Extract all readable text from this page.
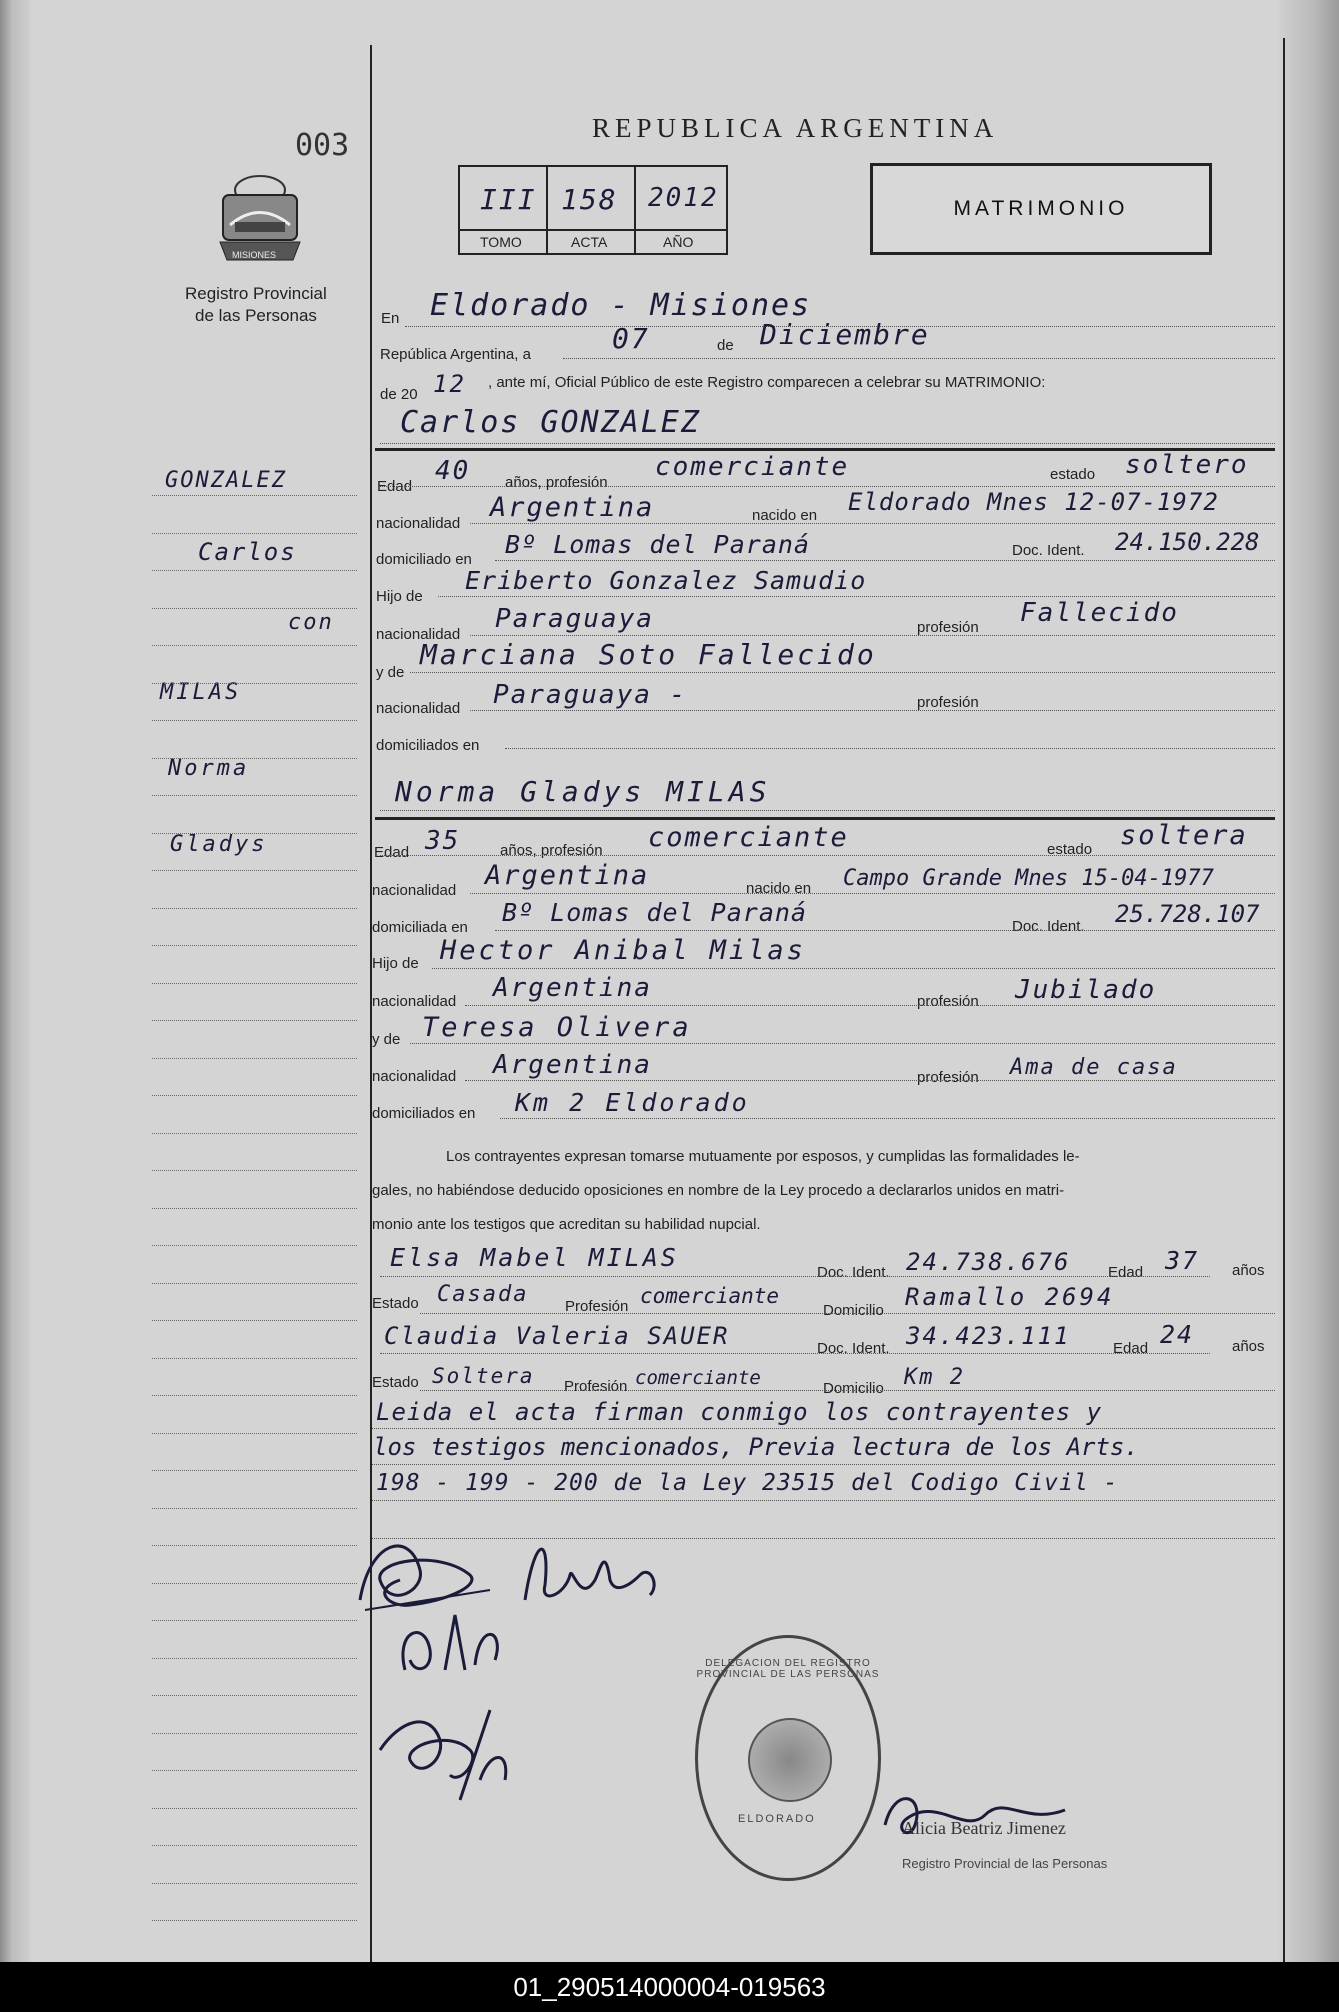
003
MISIONES
Registro Provincial
de las Personas
REPUBLICA ARGENTINA
III 158 2012
TOMO	ACTA	AÑO
MATRIMONIO
En Eldorado - Misiones
República Argentina, a	07	de Diciembre
de 20 12 , ante mí, Oficial Público de este Registro comparecen a celebrar su MATRIMONIO:
Carlos GONZALEZ
Edad
40 años, profesión
comerciante	estado soltero
nacionalidad
Argentina	nacido en Eldorado Mnes 12-07-1972
domiciliado en
Bº Lomas del Paraná	Doc. Ident. 24.150.228
Hijo de
Eriberto Gonzalez Samudio
nacionalidad
Paraguaya	profesión Fallecido
y de
Marciana Soto Fallecido
nacionalidad Paraguaya -	profesión
domiciliados en
Norma Gladys MILAS
Edad 35	años, profesión comerciante	estado soltera
nacionalidad Argentina	nacido en Campo Grande Mnes 15-04-1977
domiciliada en
Bº Lomas del Paraná	Doc. Ident. 25.728.107
Hijo de Hector Anibal Milas
nacionalidad Argentina	profesión Jubilado
y de Teresa Olivera
nacionalidad Argentina	profesión Ama de casa
domiciliados en Km 2 Eldorado
Los contrayentes expresan tomarse mutuamente por esposos, y cumplidas las formalidades le-
gales, no habiéndose deducido oposiciones en nombre de la Ley procedo a declararlos unidos en matri-
monio ante los testigos que acreditan su habilidad nupcial.
Elsa Mabel MILAS
Doc. Ident. 24.738.676	Edad 37 años
Estado Casada Profesión comerciante
Domicilio Ramallo 2694
Claudia Valeria SAUER	Doc. Ident. 34.423.111	Edad 24	años
Estado Soltera Profesión comerciante	Domicilio Km 2
Leida el acta firman conmigo los contrayentes y
los testigos mencionados, Previa lectura de los Arts.
198 - 199 - 200 de la Ley 23515 del Codigo Civil -
DELEGACION DEL REGISTRO PROVINCIAL DE LAS PERSONAS
ELDORADO	Alicia Beatriz Jimenez
Registro Provincial de las Personas
GONZALEZ
Carlos
con
MILAS
Norma
Gladys
01_290514000004-019563
